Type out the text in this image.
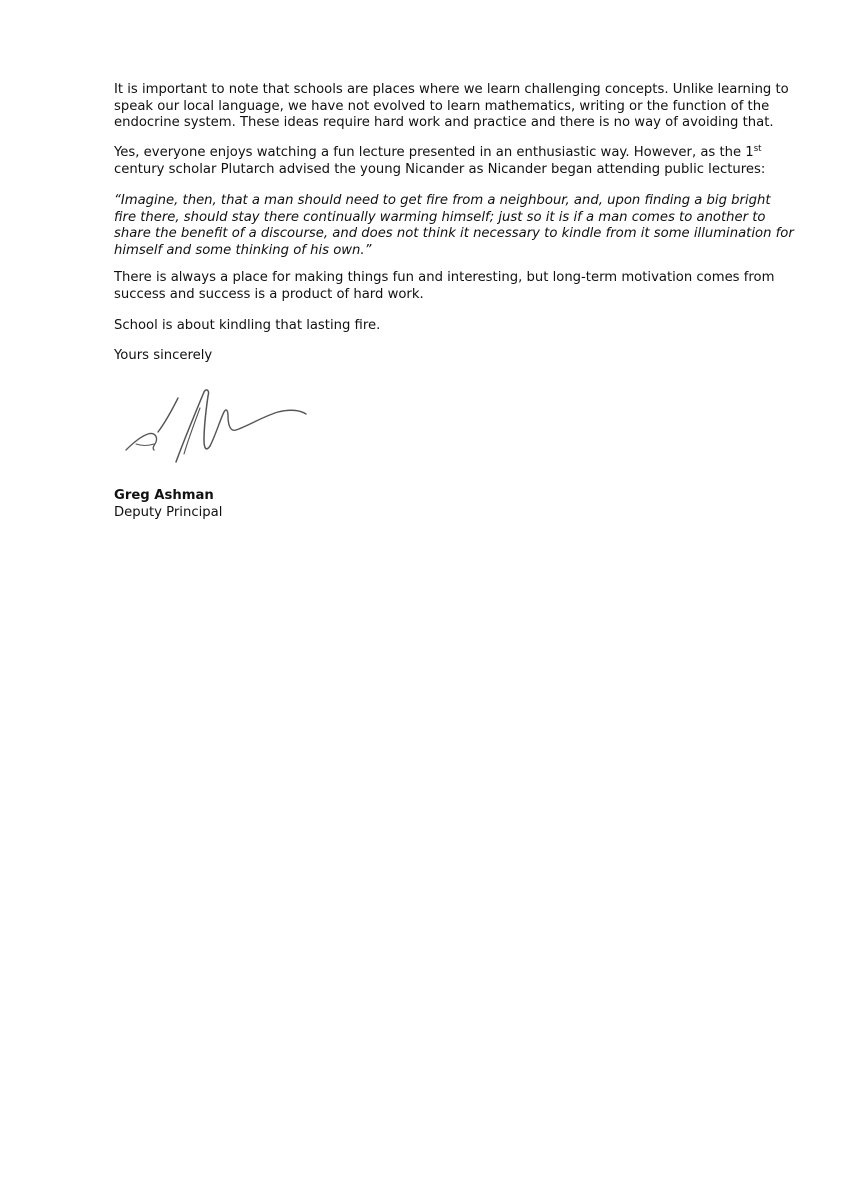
It is important to note that schools are places where we learn challenging concepts. Unlike learning to speak our local language, we have not evolved to learn mathematics, writing or the function of the endocrine system. These ideas require hard work and practice and there is no way of avoiding that.

Yes, everyone enjoys watching a fun lecture presented in an enthusiastic way. However, as the 1st century scholar Plutarch advised the young Nicander as Nicander began attending public lectures:

“Imagine, then, that a man should need to get fire from a neighbour, and, upon finding a big bright fire there, should stay there continually warming himself; just so it is if a man comes to another to share the benefit of a discourse, and does not think it necessary to kindle from it some illumination for himself and some thinking of his own.”

There is always a place for making things fun and interesting, but long-term motivation comes from success and success is a product of hard work.

School is about kindling that lasting fire.

Yours sincerely

Greg Ashman

Deputy Principal
